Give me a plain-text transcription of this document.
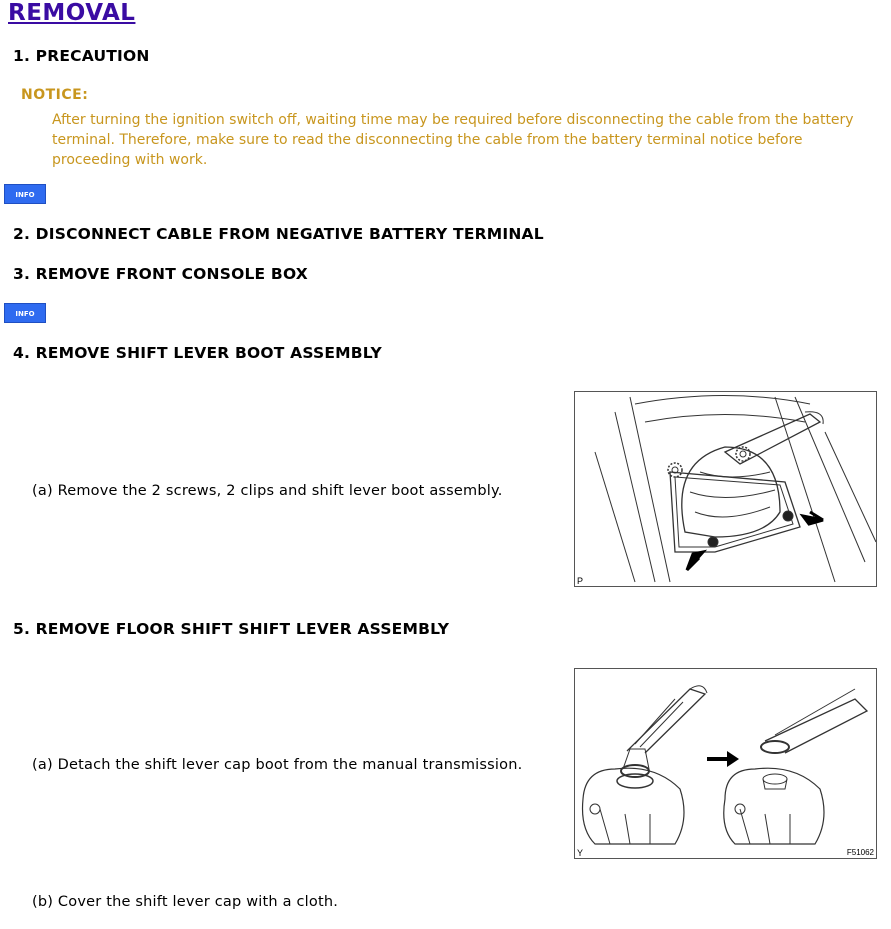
REMOVAL
1. PRECAUTION
NOTICE:
After turning the ignition switch off, waiting time may be required before disconnecting the cable from the battery terminal. Therefore, make sure to read the disconnecting the cable from the battery terminal notice before proceeding with work.
INFO
2. DISCONNECT CABLE FROM NEGATIVE BATTERY TERMINAL
3. REMOVE FRONT CONSOLE BOX
INFO
4. REMOVE SHIFT LEVER BOOT ASSEMBLY
(a) Remove the 2 screws, 2 clips and shift lever boot assembly.
P
5. REMOVE FLOOR SHIFT SHIFT LEVER ASSEMBLY
(a) Detach the shift lever cap boot from the manual transmission.
Y	F51062
(b) Cover the shift lever cap with a cloth.
